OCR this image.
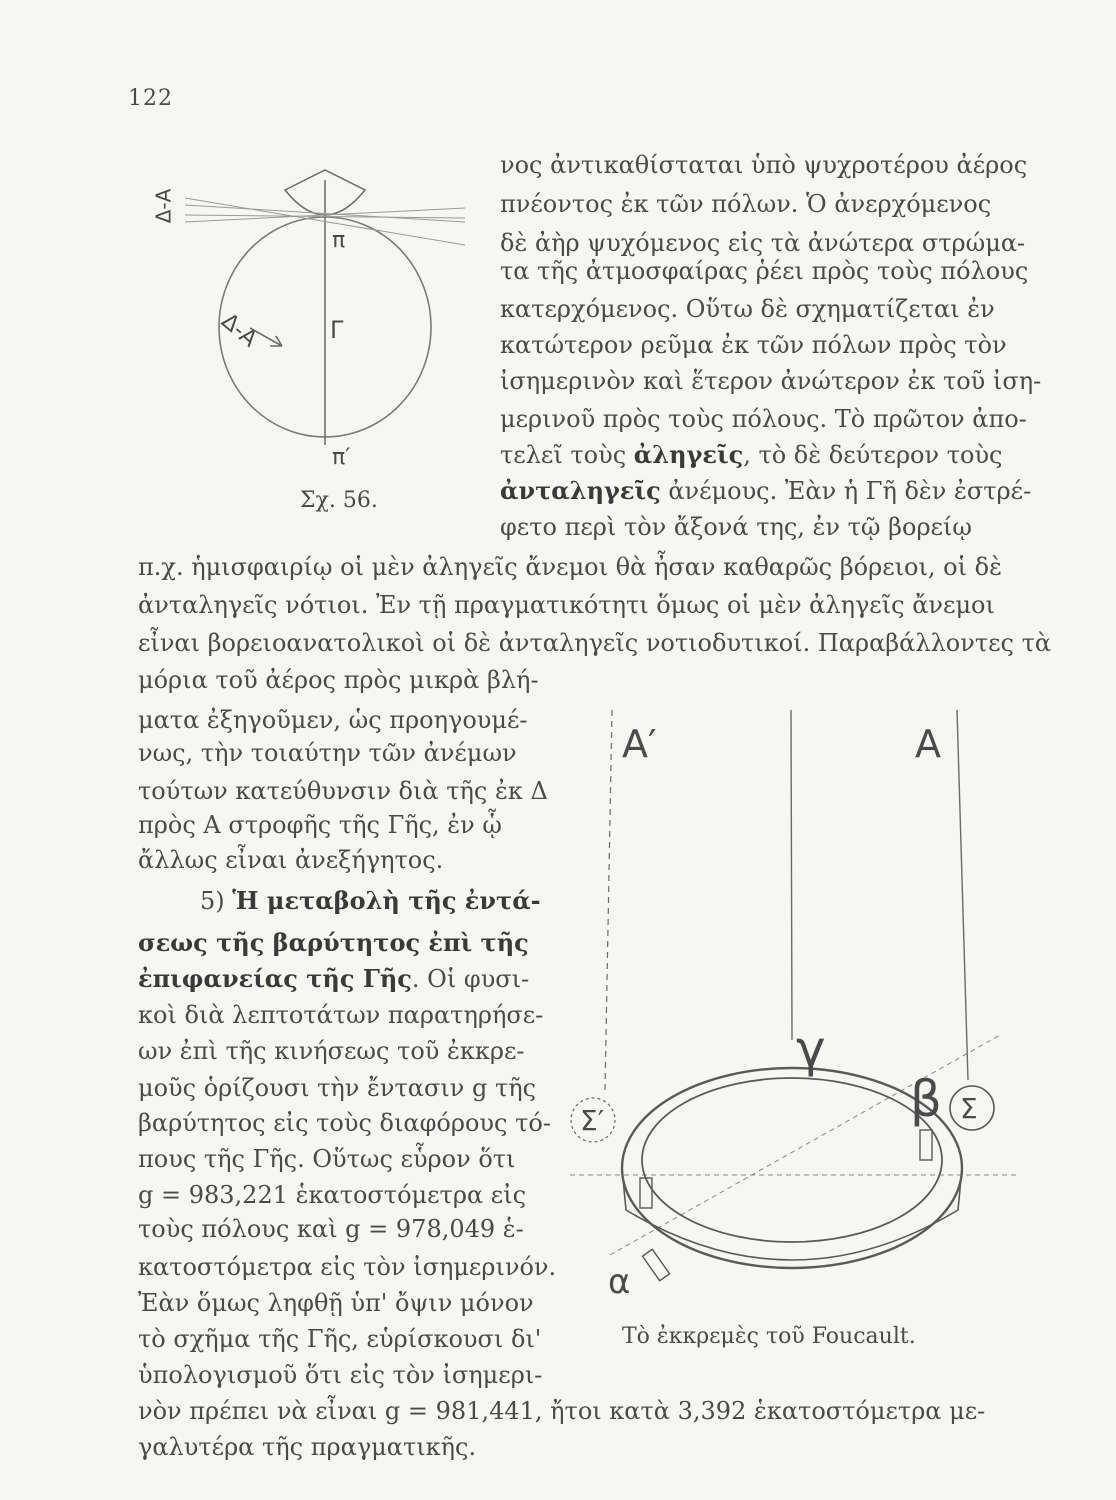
122
π
Γ
π′
Δ-Α
Δ-Α
Σχ. 56.
νος ἀντικαθίσταται ὑπὸ ψυχροτέρου ἀέρος
πνέοντος ἐκ τῶν πόλων. Ὁ ἀνερχόμενος
δὲ ἀὴρ ψυχόμενος εἰς τὰ ἀνώτερα στρώμα-
τα τῆς ἀτμοσφαίρας ῥέει πρὸς τοὺς πόλους
κατερχόμενος. Οὕτω δὲ σχηματίζεται ἐν
κατώτερον ρεῦμα ἐκ τῶν πόλων πρὸς τὸν
ἰσημερινὸν καὶ ἕτερον ἀνώτερον ἐκ τοῦ ἰση-
μερινοῦ πρὸς τοὺς πόλους. Τὸ πρῶτον ἀπο-
τελεῖ τοὺς ἀληγεῖς, τὸ δὲ δεύτερον τοὺς
ἀνταληγεῖς ἀνέμους. Ἐὰν ἡ Γῆ δὲν ἐστρέ-
φετο περὶ τὸν ἄξονά της, ἐν τῷ βορείῳ
π.χ. ἡμισφαιρίῳ οἱ μὲν ἀληγεῖς ἄνεμοι θὰ ἦσαν καθαρῶς βόρειοι, οἱ δὲ
ἀνταληγεῖς νότιοι. Ἐν τῇ πραγματικότητι ὅμως οἱ μὲν ἀληγεῖς ἄνεμοι
εἶναι βορειοανατολικοὶ οἱ δὲ ἀνταληγεῖς νοτιοδυτικοί. Παραβάλλοντες τὰ
μόρια τοῦ ἀέρος πρὸς μικρὰ βλή-
ματα ἐξηγοῦμεν, ὡς προηγουμέ-
νως, τὴν τοιαύτην τῶν ἀνέμων
τούτων κατεύθυνσιν διὰ τῆς ἐκ Δ
πρὸς Α στροφῆς τῆς Γῆς, ἐν ᾧ
ἄλλως εἶναι ἀνεξήγητος.
5) Ἡ μεταβολὴ τῆς ἐντά-
σεως τῆς βαρύτητος ἐπὶ τῆς
ἐπιφανείας τῆς Γῆς. Οἱ φυσι-
κοὶ διὰ λεπτοτάτων παρατηρήσε-
ων ἐπὶ τῆς κινήσεως τοῦ ἐκκρε-
μοῦς ὁρίζουσι τὴν ἔντασιν g τῆς
βαρύτητος εἰς τοὺς διαφόρους τό-
πους τῆς Γῆς. Οὕτως εὗρον ὅτι
g = 983,221 ἑκατοστόμετρα εἰς
τοὺς πόλους καὶ g = 978,049 ἑ-
κατοστόμετρα εἰς τὸν ἰσημερινόν.
Ἐὰν ὅμως ληφθῇ ὑπ' ὄψιν μόνον
τὸ σχῆμα τῆς Γῆς, εὑρίσκουσι δι'
ὑπολογισμοῦ ὅτι εἰς τὸν ἰσημερι-
νὸν πρέπει νὰ εἶναι g = 981,441, ἤτοι κατὰ 3,392 ἑκατοστόμετρα με-
γαλυτέρα τῆς πραγματικῆς.
Α′	Α
γ
β Σ
Σ′
α
Τὸ ἐκκρεμὲς τοῦ Foucault.
